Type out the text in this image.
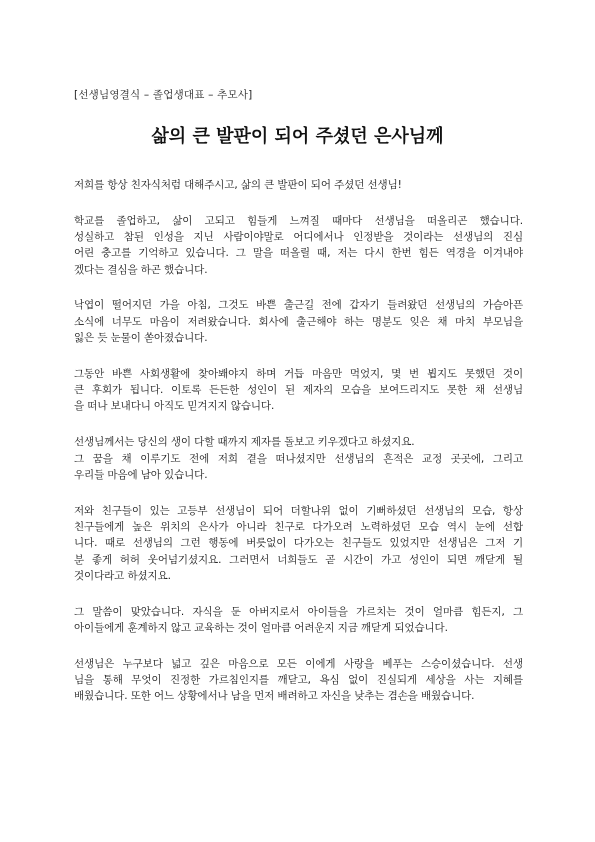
[선생님영결식 – 졸업생대표 – 추모사]
삶의 큰 발판이 되어 주셨던 은사님께
저희를 항상 친자식처럼 대해주시고, 삶의 큰 발판이 되어 주셨던 선생님!
학교를 졸업하고, 삶이 고되고 힘들게 느껴질 때마다 선생님을 떠올리곤 했습니다.
성실하고 참된 인성을 지닌 사람이야말로 어디에서나 인정받을 것이라는 선생님의 진심
어린 충고를 기억하고 있습니다. 그 말을 떠올릴 때, 저는 다시 한번 힘든 역경을 이겨내야
겠다는 결심을 하곤 했습니다.
낙엽이 떨어지던 가을 아침, 그것도 바쁜 출근길 전에 갑자기 들려왔던 선생님의 가슴아픈
소식에 너무도 마음이 저려왔습니다. 회사에 출근해야 하는 명분도 잊은 채 마치 부모님을
잃은 듯 눈물이 쏟아졌습니다.
그동안 바쁜 사회생활에 찾아봬야지 하며 거듭 마음만 먹었지, 몇 번 뵙지도 못했던 것이
큰 후회가 됩니다. 이토록 든든한 성인이 된 제자의 모습을 보여드리지도 못한 채 선생님
을 떠나 보내다니 아직도 믿겨지지 않습니다.
선생님께서는 당신의 생이 다할 때까지 제자를 돌보고 키우겠다고 하셨지요.
그 꿈을 채 이루기도 전에 저희 곁을 떠나셨지만 선생님의 흔적은 교정 곳곳에, 그리고
우리들 마음에 남아 있습니다.
저와 친구들이 있는 고등부 선생님이 되어 더할나위 없이 기뻐하셨던 선생님의 모습, 항상
친구들에게 높은 위치의 은사가 아니라 친구로 다가오려 노력하셨던 모습 역시 눈에 선합
니다. 때로 선생님의 그런 행동에 버릇없이 다가오는 친구들도 있었지만 선생님은 그저 기
분 좋게 허허 웃어넘기셨지요. 그러면서 너희들도 곧 시간이 가고 성인이 되면 깨닫게 될
것이다라고 하셨지요.
그 말씀이 맞았습니다. 자식을 둔 아버지로서 아이들을 가르치는 것이 얼마큼 힘든지, 그
아이들에게 훈계하지 않고 교육하는 것이 얼마큼 어려운지 지금 깨닫게 되었습니다.
선생님은 누구보다 넓고 깊은 마음으로 모든 이에게 사랑을 베푸는 스승이셨습니다. 선생
님을 통해 무엇이 진정한 가르침인지를 깨닫고, 욕심 없이 진실되게 세상을 사는 지혜를
배웠습니다. 또한 어느 상황에서나 남을 먼저 배려하고 자신을 낮추는 겸손을 배웠습니다.
